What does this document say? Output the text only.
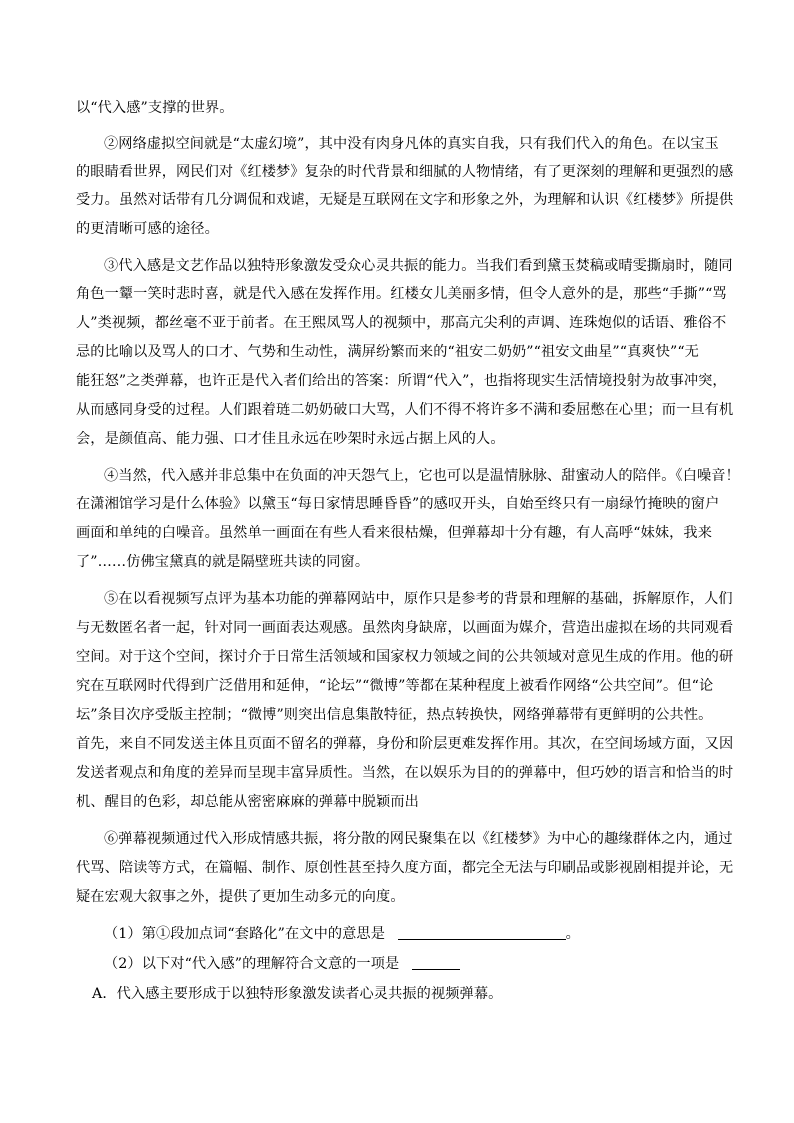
以“代入感”支撑的世界。
②网络虚拟空间就是“太虚幻境”，其中没有肉身凡体的真实自我，只有我们代入的角色。在以宝玉
的眼睛看世界，网民们对《红楼梦》复杂的时代背景和细腻的人物情绪，有了更深刻的理解和更强烈的感
受力。虽然对话带有几分调侃和戏谑，无疑是互联网在文字和形象之外，为理解和认识《红楼梦》所提供
的更清晰可感的途径。
③代入感是文艺作品以独特形象激发受众心灵共振的能力。当我们看到黛玉焚稿或晴雯撕扇时，随同
角色一颦一笑时悲时喜，就是代入感在发挥作用。红楼女儿美丽多情，但令人意外的是，那些“手撕”“骂
人”类视频，都丝毫不亚于前者。在王熙凤骂人的视频中，那高亢尖利的声调、连珠炮似的话语、雅俗不
忌的比喻以及骂人的口才、气势和生动性，满屏纷繁而来的“祖安二奶奶”“祖安文曲星”“真爽快”“无
能狂怒”之类弹幕，也许正是代入者们给出的答案：所谓“代入”，也指将现实生活情境投射为故事冲突，
从而感同身受的过程。人们跟着琏二奶奶破口大骂，人们不得不将许多不满和委屈憋在心里；而一旦有机
会，是颜值高、能力强、口才佳且永远在吵架时永远占据上风的人。
④当然，代入感并非总集中在负面的冲天怨气上，它也可以是温情脉脉、甜蜜动人的陪伴。《白噪音！
在潇湘馆学习是什么体验》以黛玉“每日家情思睡昏昏”的感叹开头，自始至终只有一扇绿竹掩映的窗户
画面和单纯的白噪音。虽然单一画面在有些人看来很枯燥，但弹幕却十分有趣，有人高呼“妹妹，我来
了”……仿佛宝黛真的就是隔壁班共读的同窗。
⑤在以看视频写点评为基本功能的弹幕网站中，原作只是参考的背景和理解的基础，拆解原作，人们
与无数匿名者一起，针对同一画面表达观感。虽然肉身缺席，以画面为媒介，营造出虚拟在场的共同观看
空间。对于这个空间，探讨介于日常生活领域和国家权力领域之间的公共领域对意见生成的作用。他的研
究在互联网时代得到广泛借用和延伸，“论坛”“微博”等都在某种程度上被看作网络“公共空间”。但“论
坛”条目次序受版主控制；“微博”则突出信息集散特征，热点转换快，网络弹幕带有更鲜明的公共性。
首先，来自不同发送主体且页面不留名的弹幕，身份和阶层更难发挥作用。其次，在空间场域方面，又因
发送者观点和角度的差异而呈现丰富异质性。当然，在以娱乐为目的的弹幕中，但巧妙的语言和恰当的时
机、醒目的色彩，却总能从密密麻麻的弹幕中脱颖而出
⑥弹幕视频通过代入形成情感共振，将分散的网民聚集在以《红楼梦》为中心的趣缘群体之内，通过
代骂、陪读等方式，在篇幅、制作、原创性甚至持久度方面，都完全无法与印刷品或影视剧相提并论，无
疑在宏观大叙事之外，提供了更加生动多元的向度。
（1）第①段加点词“套路化”在文中的意思是	。
（2）以下对“代入感”的理解符合文意的一项是
A．代入感主要形成于以独特形象激发读者心灵共振的视频弹幕。
